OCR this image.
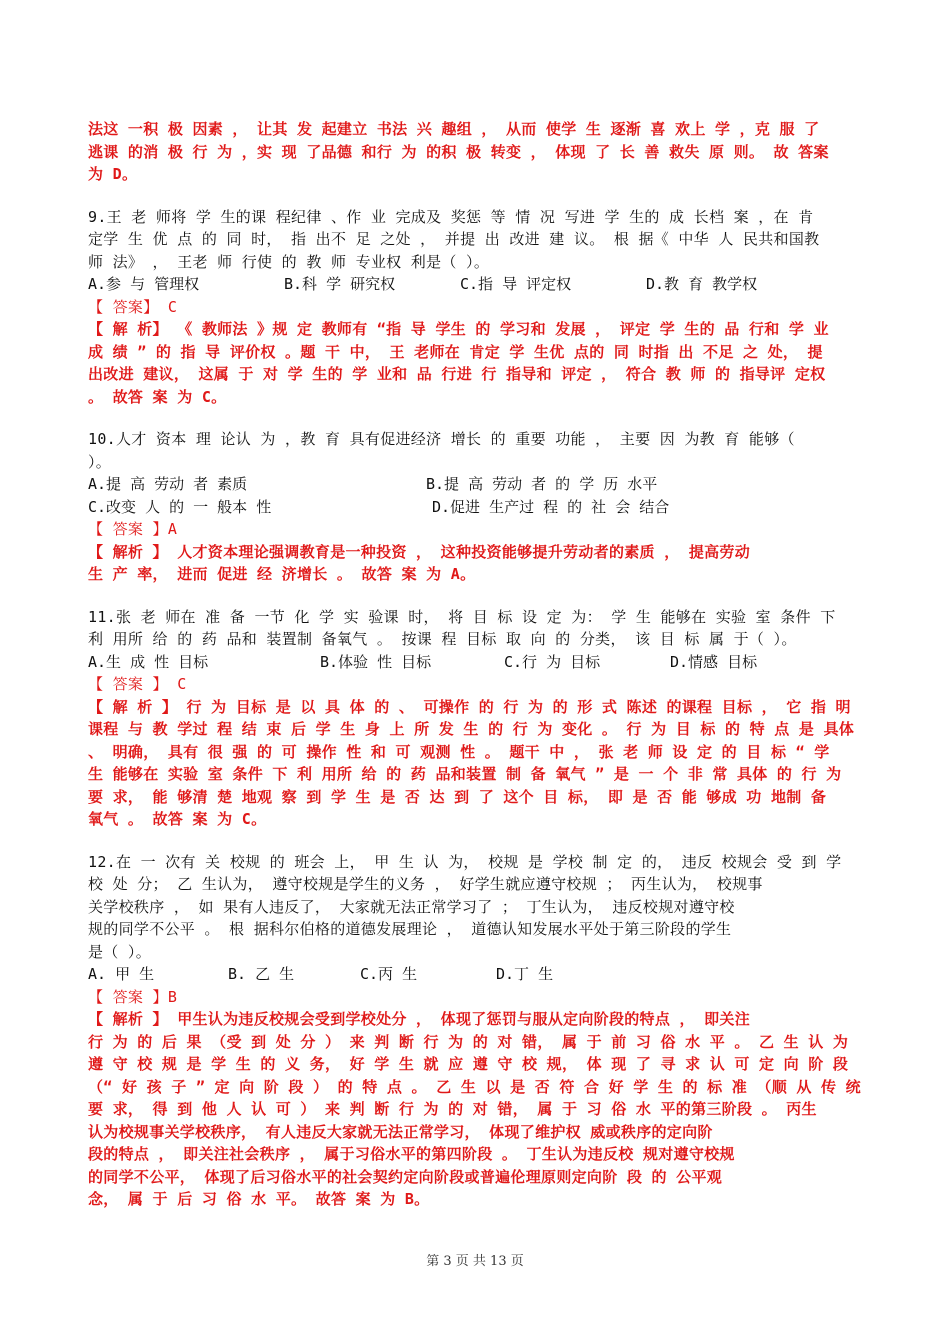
法这 一积 极 因素 ， 让其 发 起建立 书法 兴 趣组 ， 从而 使学 生 逐渐 喜 欢上 学 ，克 服 了
逃课 的消 极 行 为 ，实 现 了品德 和行 为 的积 极 转变 ， 体现 了 长 善 救失 原 则。 故 答案
为 D。
9.王 老 师将 学 生的课 程纪律 、作 业 完成及 奖惩 等 情 况 写进 学 生的 成 长档 案 ，在 肯
定学 生 优 点 的 同 时， 指 出不 足 之处 ， 并提 出 改进 建 议。 根 据《 中华 人 民共和国教
师 法》 ， 王老 师 行使 的 教 师 专业权 利是（ ）。
A.参 与 管理权	B.科 学 研究权	C.指 导 评定权	D.教 育 教学权
【 答案】 C
【 解 析】 《 教师法 》规 定 教师有 “指 导 学生 的 学习和 发展 ， 评定 学 生的 品 行和 学 业
成 绩 ” 的 指 导 评价权 。题 干 中， 王 老师在 肯定 学 生优 点的 同 时指 出 不足 之 处， 提
出改进 建议， 这属 于 对 学 生的 学 业和 品 行进 行 指导和 评定 ， 符合 教 师 的 指导评 定权
。 故答 案 为 C。
10.人才 资本 理 论认 为 ，教 育 具有促进经济 增长 的 重要 功能 ， 主要 因 为教 育 能够（
）。
A.提 高 劳动 者 素质	B.提 高 劳动 者 的 学 历 水平
C.改变 人 的 一 般本 性	D.促进 生产过 程 的 社 会 结合
【 答案 】A
【 解析 】 人才资本理论强调教育是一种投资 ， 这种投资能够提升劳动者的素质 ， 提高劳动
生 产 率， 进而 促进 经 济增长 。 故答 案 为 A。
11.张 老 师在 准 备 一节 化 学 实 验课 时， 将 目 标 设 定 为： 学 生 能够在 实验 室 条件 下
利 用所 给 的 药 品和 装置制 备氧气 。 按课 程 目标 取 向 的 分类， 该 目 标 属 于（ ）。
A.生 成 性 目标	B.体验 性 目标	C.行 为 目标	D.情感 目标
【 答案 】 C
【 解 析 】 行 为 目标 是 以 具 体 的 、 可操作 的 行 为 的 形 式 陈述 的课程 目标 ， 它 指 明
课程 与 教 学过 程 结 束 后 学 生 身 上 所 发 生 的 行 为 变化 。 行 为 目 标 的 特 点 是 具体
、 明确， 具有 很 强 的 可 操作 性 和 可 观测 性 。 题干 中 ， 张 老 师 设 定 的 目 标 “ 学
生 能够在 实验 室 条件 下 利 用所 给 的 药 品和装置 制 备 氧气 ” 是 一 个 非 常 具体 的 行 为
要 求， 能 够清 楚 地观 察 到 学 生 是 否 达 到 了 这个 目 标， 即 是 否 能 够成 功 地制 备
氧气 。 故答 案 为 C。
12.在 一 次有 关 校规 的 班会 上， 甲 生 认 为， 校规 是 学校 制 定 的， 违反 校规会 受 到 学
校 处 分； 乙 生认为， 遵守校规是学生的义务 ， 好学生就应遵守校规 ； 丙生认为， 校规事
关学校秩序 ， 如 果有人违反了， 大家就无法正常学习了 ； 丁生认为， 违反校规对遵守校
规的同学不公平 。 根 据科尔伯格的道德发展理论 ， 道德认知发展水平处于第三阶段的学生
是（ ）。
A. 甲 生	B. 乙 生	C.丙 生	D.丁 生
【 答案 】B
【 解析 】 甲生认为违反校规会受到学校处分 ， 体现了惩罚与服从定向阶段的特点 ， 即关注
行 为 的 后 果 （受 到 处 分 ） 来 判 断 行 为 的 对 错， 属 于 前 习 俗 水 平 。 乙 生 认 为
遵 守 校 规 是 学 生 的 义 务， 好 学 生 就 应 遵 守 校 规， 体 现 了 寻 求 认 可 定 向 阶 段
（“ 好 孩 子 ” 定 向 阶 段 ） 的 特 点 。 乙 生 以 是 否 符 合 好 学 生 的 标 准 （顺 从 传 统
要 求， 得 到 他 人 认 可 ） 来 判 断 行 为 的 对 错， 属 于 习 俗 水 平的第三阶段 。 丙生
认为校规事关学校秩序， 有人违反大家就无法正常学习， 体现了维护权 威或秩序的定向阶
段的特点 ， 即关注社会秩序 ， 属于习俗水平的第四阶段 。 丁生认为违反校 规对遵守校规
的同学不公平， 体现了后习俗水平的社会契约定向阶段或普遍伦理原则定向阶 段 的 公平观
念， 属 于 后 习 俗 水 平。 故答 案 为 B。
第 3 页 共 13 页
